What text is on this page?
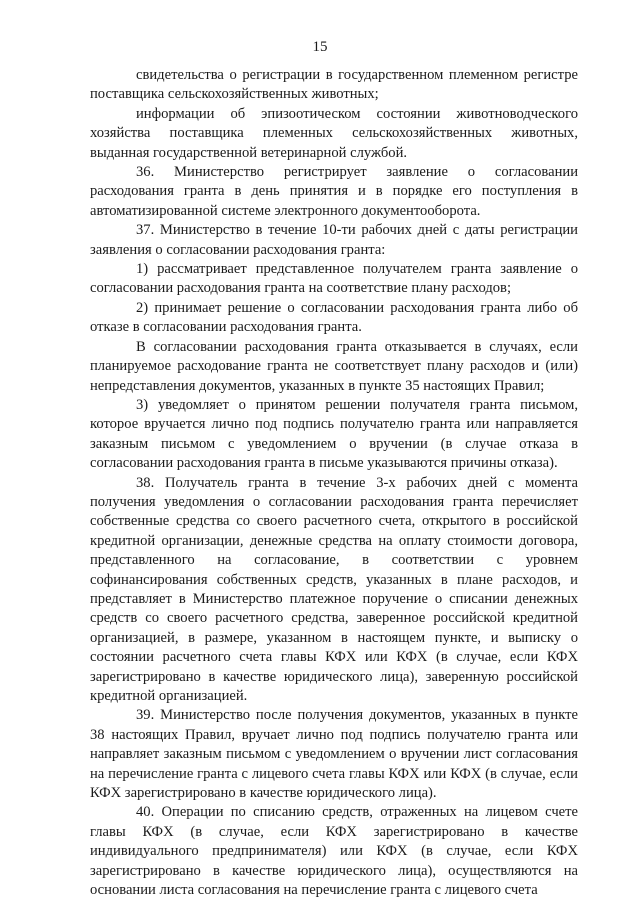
15

свидетельства о регистрации в государственном племенном регистре поставщика сельскохозяйственных животных;

информации об эпизоотическом состоянии животноводческого хозяйства поставщика племенных сельскохозяйственных животных, выданная государственной ветеринарной службой.

36. Министерство регистрирует заявление о согласовании расходования гранта в день принятия и в порядке его поступления в автоматизированной системе электронного документооборота.

37. Министерство в течение 10-ти рабочих дней с даты регистрации заявления о согласовании расходования гранта:

1) рассматривает представленное получателем гранта заявление о согласовании расходования гранта на соответствие плану расходов;

2) принимает решение о согласовании расходования гранта либо об отказе в согласовании расходования гранта.

В согласовании расходования гранта отказывается в случаях, если планируемое расходование гранта не соответствует плану расходов и (или) непредставления документов, указанных в пункте 35 настоящих Правил;

3) уведомляет о принятом решении получателя гранта письмом, которое вручается лично под подпись получателю гранта или направляется заказным письмом с уведомлением о вручении (в случае отказа в согласовании расходования гранта в письме указываются причины отказа).

38. Получатель гранта в течение 3-х рабочих дней с момента получения уведомления о согласовании расходования гранта перечисляет собственные средства со своего расчетного счета, открытого в российской кредитной организации, денежные средства на оплату стоимости договора, представленного на согласование, в соответствии с уровнем софинансирования собственных средств, указанных в плане расходов, и представляет в Министерство платежное поручение о списании денежных средств со своего расчетного средства, заверенное российской кредитной организацией, в размере, указанном в настоящем пункте, и выписку о состоянии расчетного счета главы КФХ или КФХ (в случае, если КФХ зарегистрировано в качестве юридического лица), заверенную российской кредитной организацией.

39. Министерство после получения документов, указанных в пункте 38 настоящих Правил, вручает лично под подпись получателю гранта или направляет заказным письмом с уведомлением о вручении лист согласования на перечисление гранта с лицевого счета главы КФХ или КФХ (в случае, если КФХ зарегистрировано в качестве юридического лица).

40. Операции по списанию средств, отраженных на лицевом счете главы КФХ (в случае, если КФХ зарегистрировано в качестве индивидуального предпринимателя) или КФХ (в случае, если КФХ зарегистрировано в качестве юридического лица), осуществляются на основании листа согласования на перечисление гранта с лицевого счета
